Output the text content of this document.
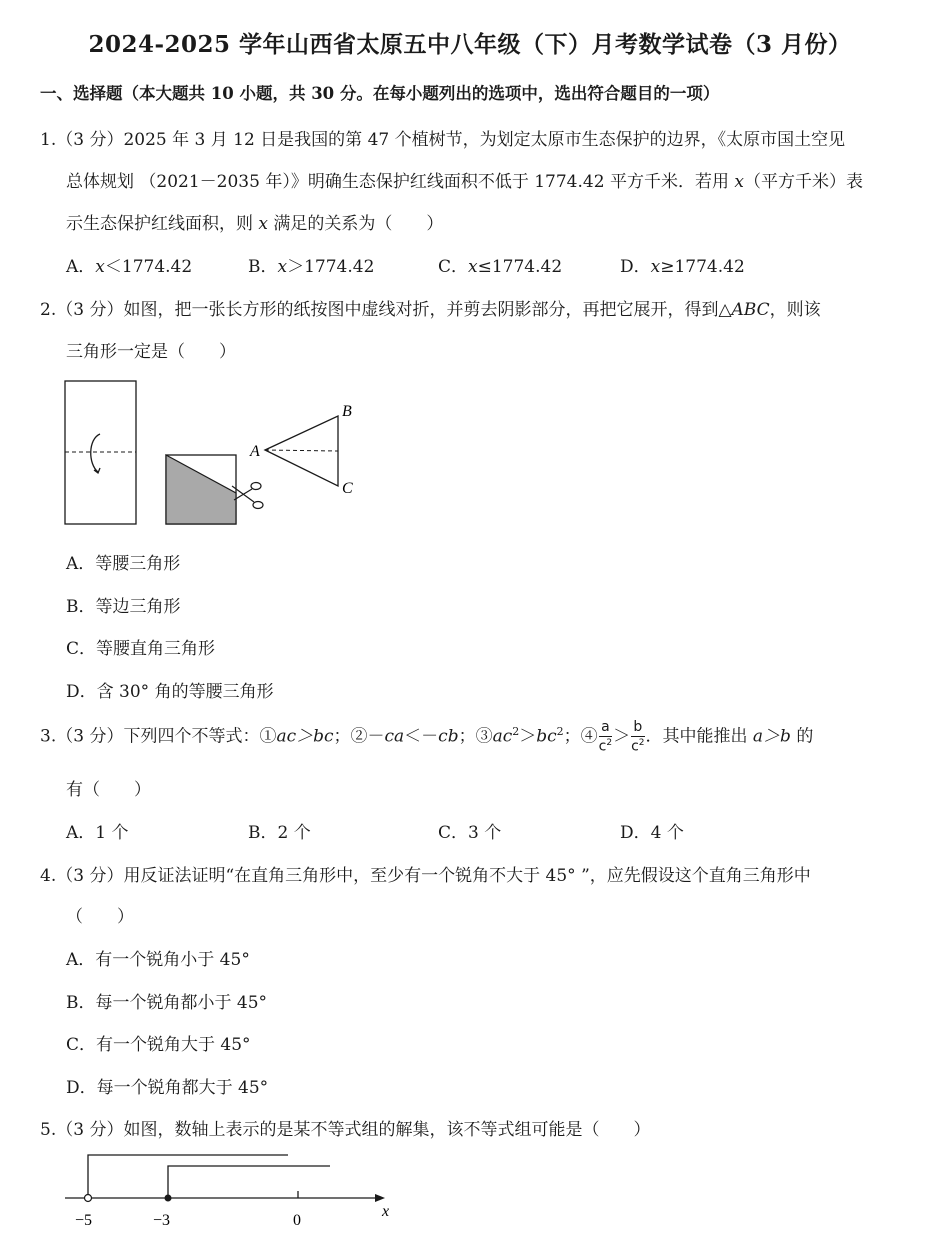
2024-2025 学年山西省太原五中八年级（下）月考数学试卷（3 月份）
一、选择题（本大题共 10 小题，共 30 分。在每小题列出的选项中，选出符合题目的一项）
1.（3 分）2025 年 3 月 12 日是我国的第 47 个植树节，为划定太原市生态保护的边界，《太原市国土空见
总体规划 （2021－2035 年）》明确生态保护红线面积不低于 1774.42 平方千米．若用 x（平方千米）表
示生态保护红线面积，则 x 满足的关系为（　　）
A．x＜1774.42	B．x＞1774.42	C．x≤1774.42	D．x≥1774.42
2.（3 分）如图，把一张长方形的纸按图中虚线对折，并剪去阴影部分，再把它展开，得到△ABC，则该
三角形一定是（　　）
A
B
C
A．等腰三角形
B．等边三角形
C．等腰直角三角形
D．含 30° 角的等腰三角形
3.（3 分）下列四个不等式：①ac＞bc；②－ca＜－cb；$③ac^2>bc^2$；④ $\frac{a}{c^2} > \frac{b}{c^2}$ ．其中能推出 a＞b 的
有（　　）
A．1 个	B．2 个	C．3 个	D．4 个
4.（3 分）用反证法证明“在直角三角形中，至少有一个锐角不大于 45° ”，应先假设这个直角三角形中
（　　）
A．有一个锐角小于 45°
B．每一个锐角都小于 45°
C．有一个锐角大于 45°
D．每一个锐角都大于 45°
5.（3 分）如图，数轴上表示的是某不等式组的解集，该不等式组可能是（　　）
−5	−3	0
x
